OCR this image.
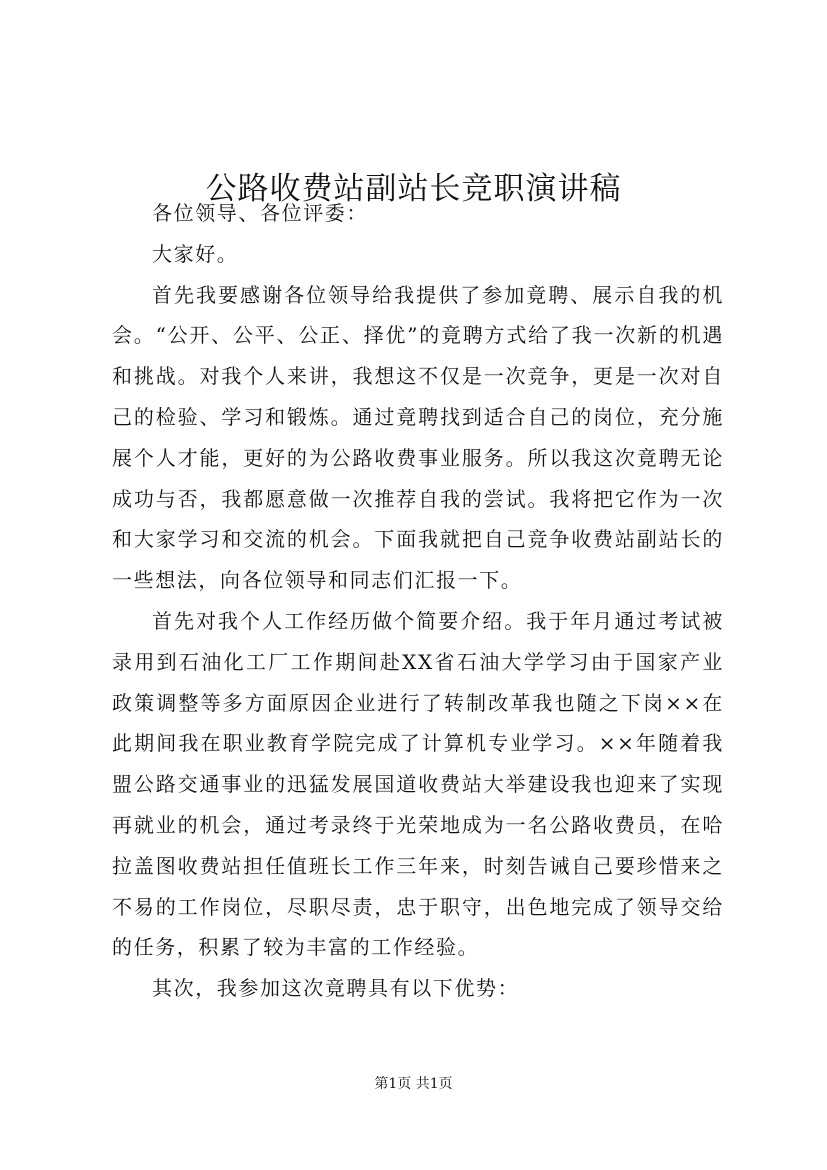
公路收费站副站长竞职演讲稿

各位领导、各位评委：

大家好。

首先我要感谢各位领导给我提供了参加竟聘、展示自我的机会。“公开、公平、公正、择优”的竟聘方式给了我一次新的机遇和挑战。对我个人来讲，我想这不仅是一次竞争，更是一次对自己的检验、学习和锻炼。通过竟聘找到适合自己的岗位，充分施展个人才能，更好的为公路收费事业服务。所以我这次竟聘无论成功与否，我都愿意做一次推荐自我的尝试。我将把它作为一次和大家学习和交流的机会。下面我就把自己竞争收费站副站长的一些想法，向各位领导和同志们汇报一下。

首先对我个人工作经历做个简要介绍。我于年月通过考试被录用到石油化工厂工作期间赴XX省石油大学学习由于国家产业政策调整等多方面原因企业进行了转制改革我也随之下岗××在此期间我在职业教育学院完成了计算机专业学习。××年随着我盟公路交通事业的迅猛发展国道收费站大举建设我也迎来了实现再就业的机会，通过考录终于光荣地成为一名公路收费员，在哈拉盖图收费站担任值班长工作三年来，时刻告诫自己要珍惜来之不易的工作岗位，尽职尽责，忠于职守，出色地完成了领导交给的任务，积累了较为丰富的工作经验。

其次，我参加这次竟聘具有以下优势：

第1页 共1页
